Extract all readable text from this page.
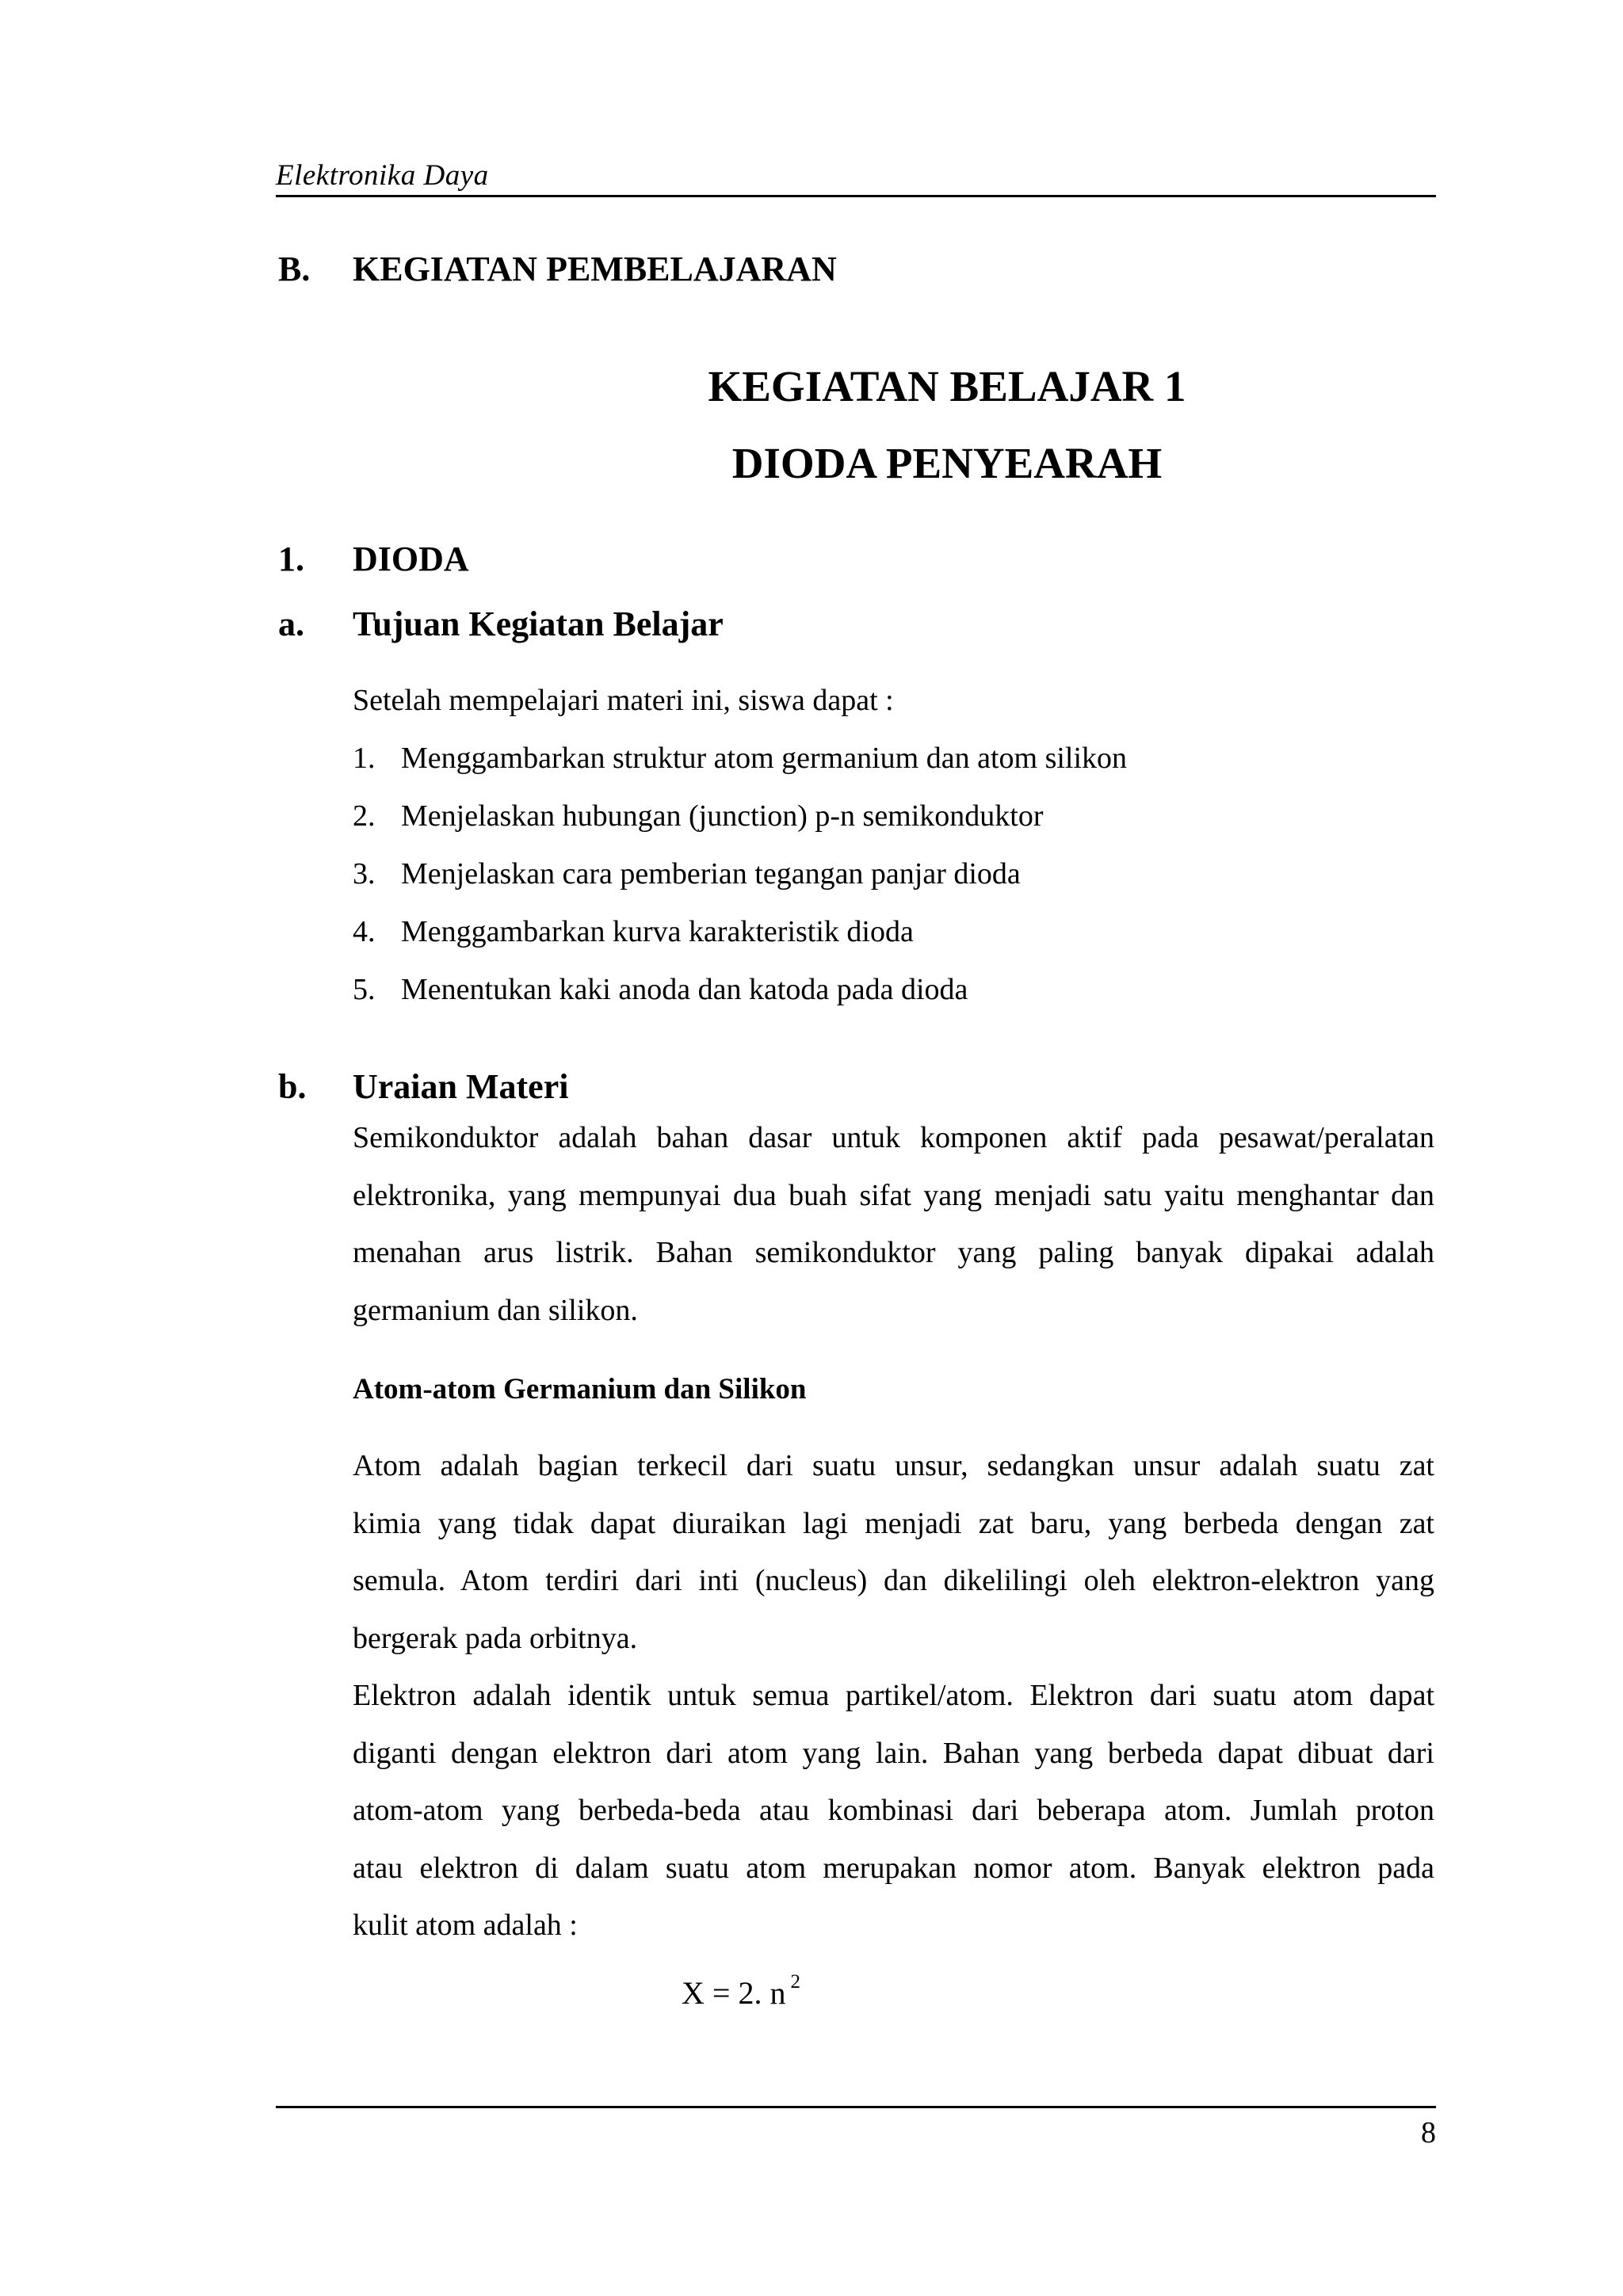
Elektronika Daya
B. KEGIATAN PEMBELAJARAN
KEGIATAN BELAJAR 1
DIODA PENYEARAH
1. DIODA
a. Tujuan Kegiatan Belajar
Setelah mempelajari materi ini, siswa dapat :
1. Menggambarkan struktur atom germanium dan atom silikon
2. Menjelaskan hubungan (junction) p-n semikonduktor
3. Menjelaskan cara pemberian tegangan panjar dioda
4. Menggambarkan kurva karakteristik dioda
5. Menentukan kaki anoda dan katoda pada dioda
b. Uraian Materi

Semikonduktor adalah bahan dasar untuk komponen aktif pada pesawat/peralatan
elektronika, yang mempunyai dua buah sifat yang menjadi satu yaitu menghantar dan
menahan arus listrik. Bahan semikonduktor yang paling banyak dipakai adalah
germanium dan silikon.

Atom-atom Germanium dan Silikon

Atom adalah bagian terkecil dari suatu unsur, sedangkan unsur adalah suatu zat
kimia yang tidak dapat diuraikan lagi menjadi zat baru, yang berbeda dengan zat
semula. Atom terdiri dari inti (nucleus) dan dikelilingi oleh elektron-elektron yang
bergerak pada orbitnya.

Elektron adalah identik untuk semua partikel/atom. Elektron dari suatu atom dapat
diganti dengan elektron dari atom yang lain. Bahan yang berbeda dapat dibuat dari
atom-atom yang berbeda-beda atau kombinasi dari beberapa atom. Jumlah proton
atau elektron di dalam suatu atom merupakan nomor atom. Banyak elektron pada
kulit atom adalah :

X = 2. n $^2$
8
